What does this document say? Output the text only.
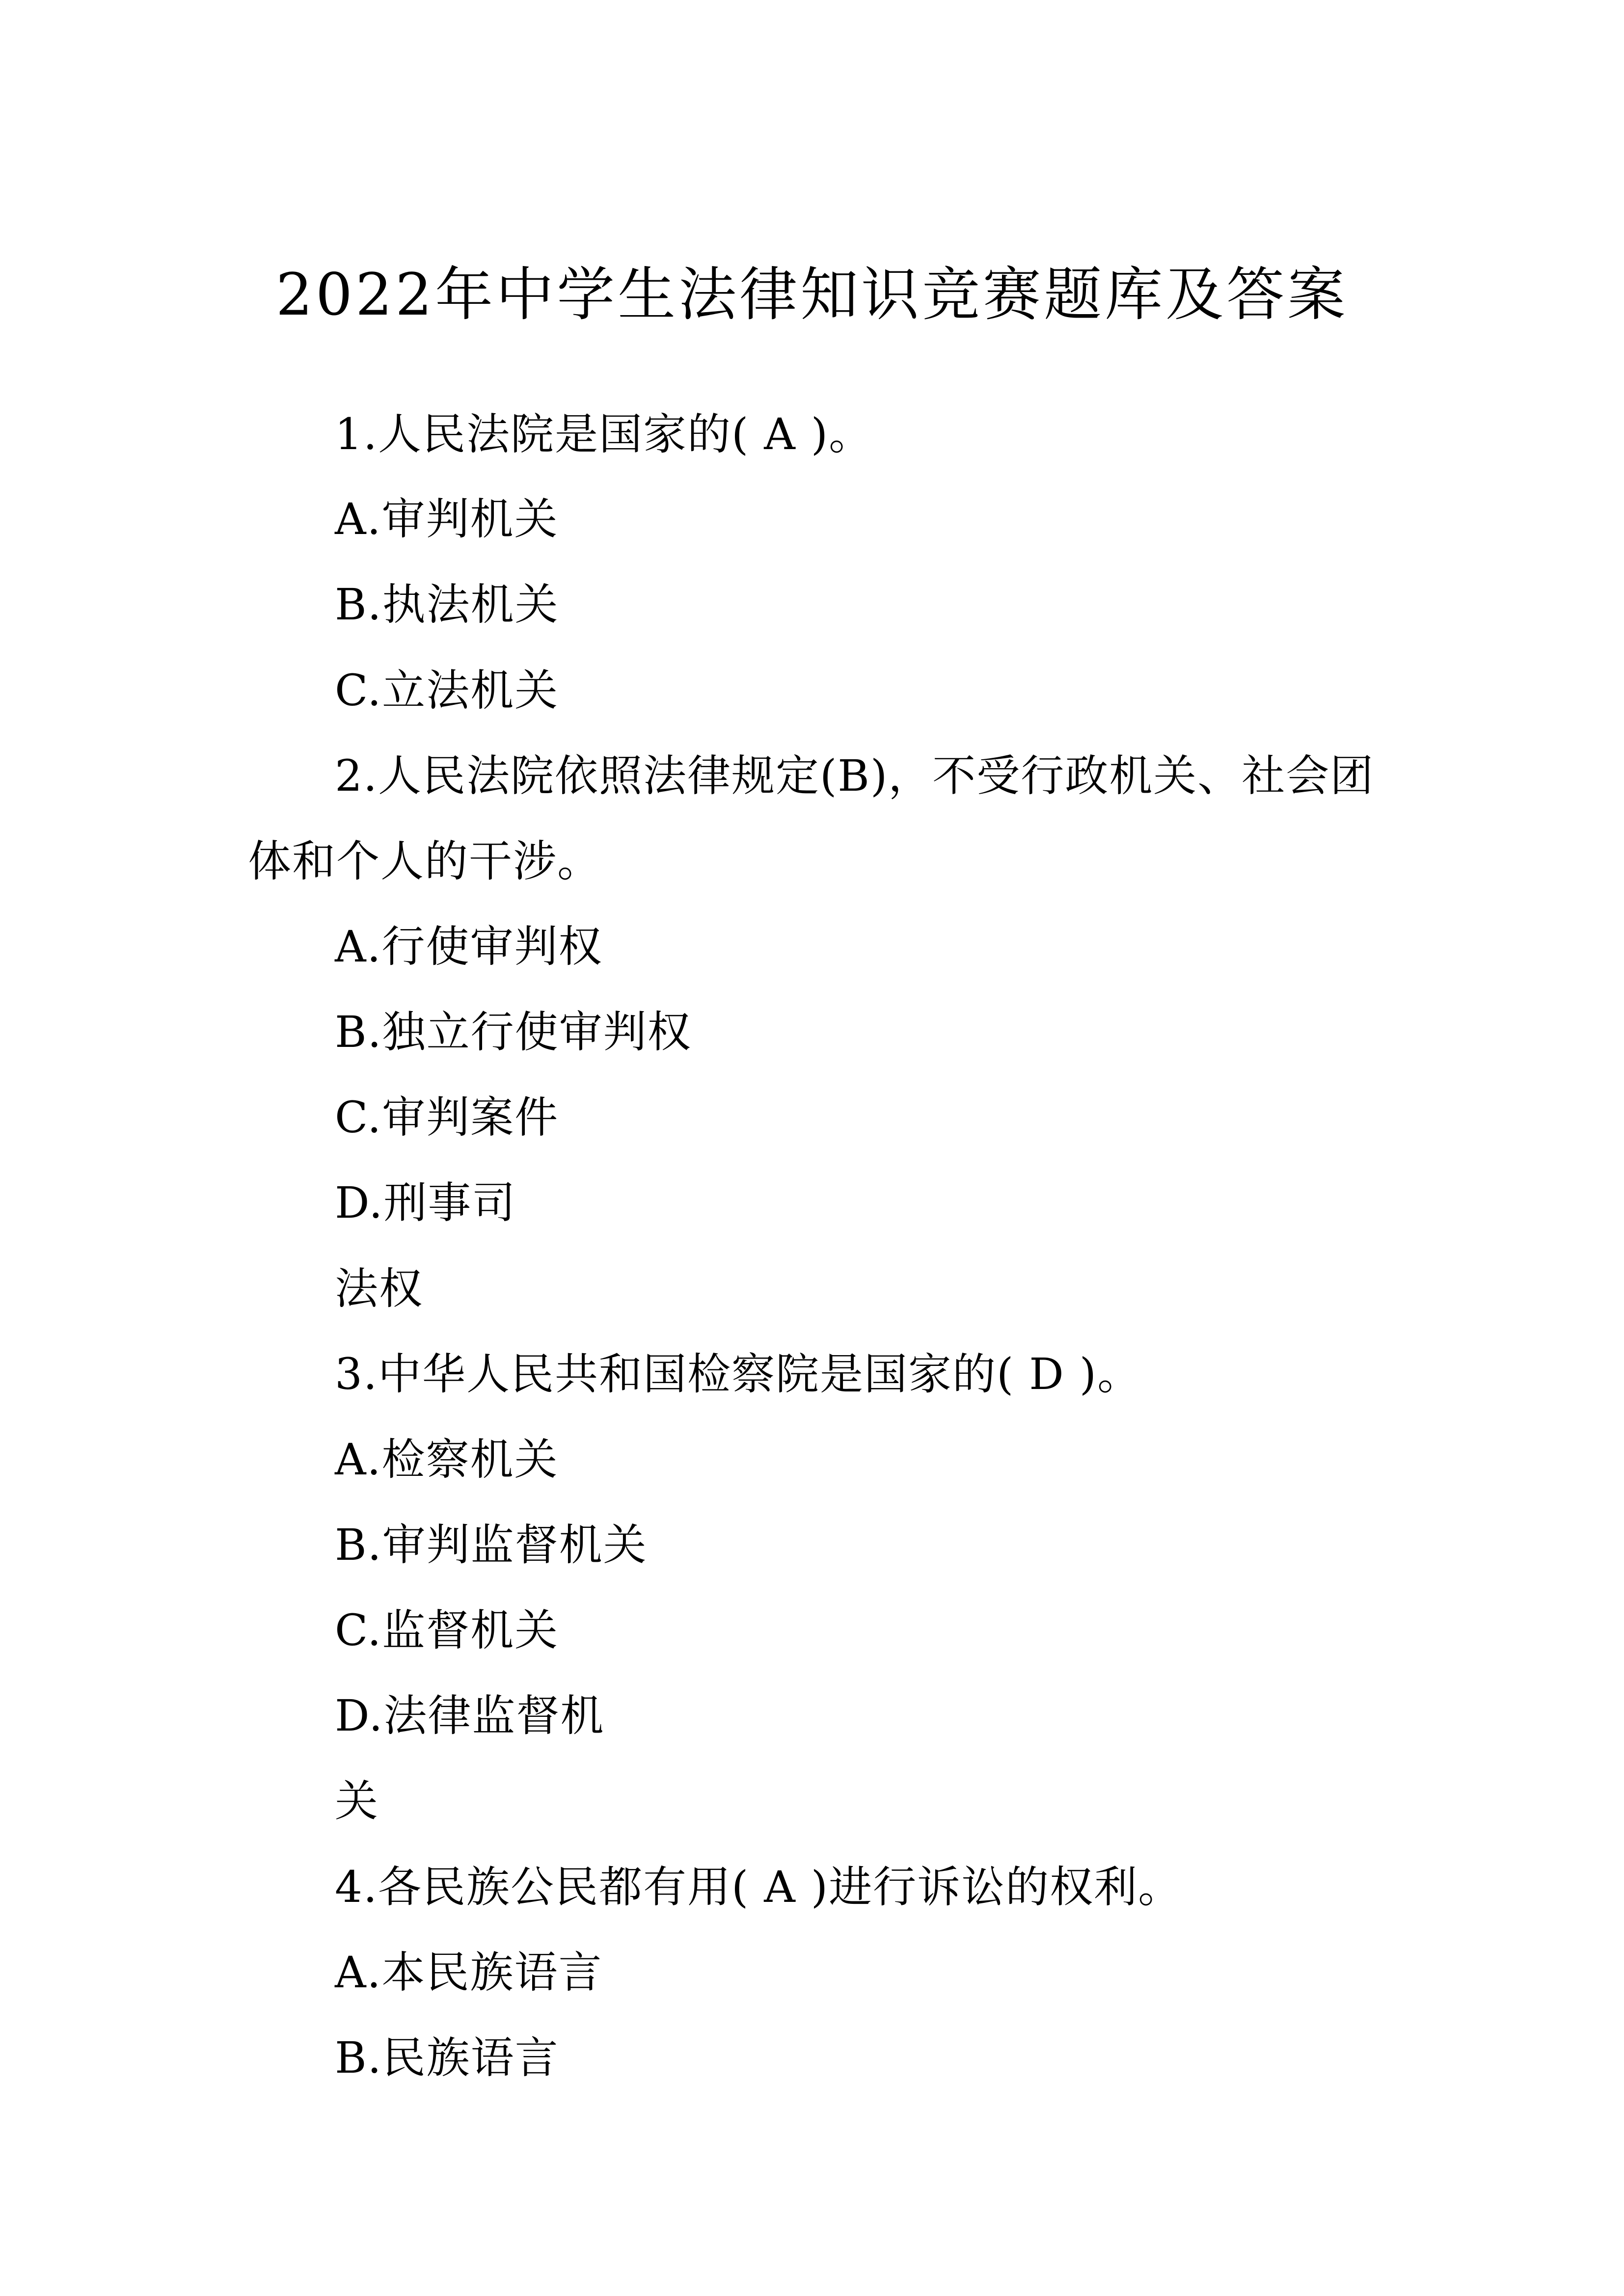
2022年中学生法律知识竞赛题库及答案
1.人民法院是国家的( A )。
A.审判机关
B.执法机关
C.立法机关
2.人民法院依照法律规定(B)，不受行政机关、社会团
体和个人的干涉。
A.行使审判权
B.独立行使审判权
C.审判案件
D.刑事司
法权
3.中华人民共和国检察院是国家的( D )。
A.检察机关
B.审判监督机关
C.监督机关
D.法律监督机
关
4.各民族公民都有用( A )进行诉讼的权利。
A.本民族语言
B.民族语言
